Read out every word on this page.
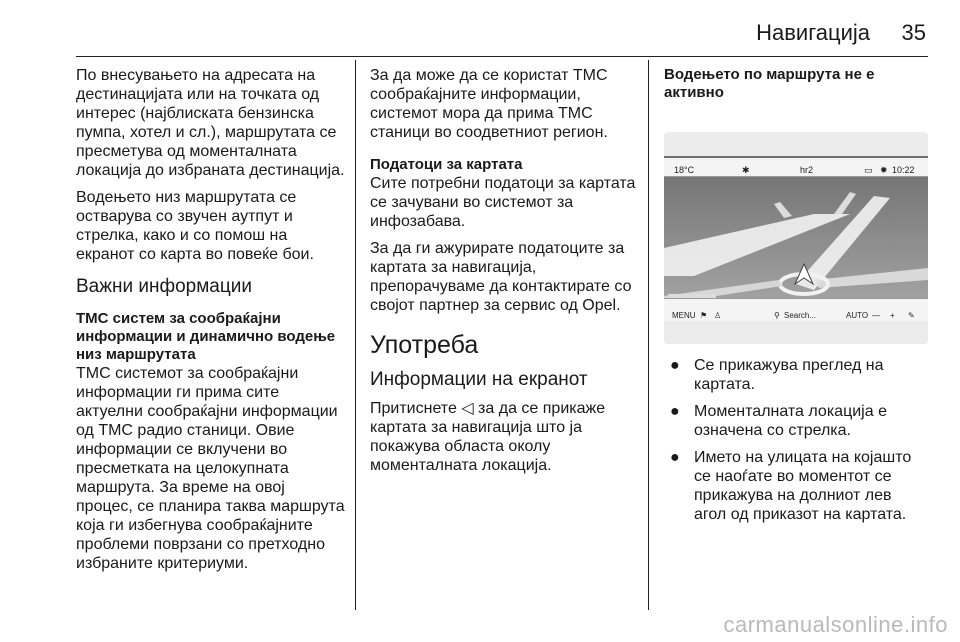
Навигација 35

По внесувањето на адресата на дестинацијата или на точката од интерес (најблиската бензинска пумпа, хотел и сл.), маршрутата се пресметува од моменталната локација до избраната дестинација.

Водењето низ маршрутата се остварува со звучен аутпут и стрелка, како и со помош на екранот со карта во повеќе бои.

Важни информации
TMC систем за сообраќајни информации и динамично водење низ маршрутата

TMC системот за сообраќајни информации ги прима сите актуелни сообраќајни информации од TMC радио станици. Овие информации се вклучени во пресметката на целокупната маршрута. За време на овој процес, се планира таква маршрута која ги избегнува сообраќајните проблеми поврзани со претходно избраните критериуми.

За да може да се користат TMC сообраќајните информации, системот мора да прима TMC станици во соодветниот регион.

Податоци за картата

Сите потребни податоци за картата се зачувани во системот за инфозабава.

За да ги ажурирате податоците за картата за навигација, препорачуваме да контактирате со својот партнер за сервис од Opel.

Употреба
Информации на екранот

Притиснете ◁ за да се прикаже картата за навигација што ја покажува областа околу моменталната локација.

Водењето по маршрута не е активно
18°C	✱	hr2	▭ ✹ 10:22
MENU ⚑ ♙	⚲ Search...	AUTO — + ✎
● Се прикажува преглед на картата.
● Моменталната локација е означена со стрелка.
● Името на улицата на којашто се наоѓате во моментот се прикажува на долниот лев агол од приказот на картата.
carmanualsonline.info
